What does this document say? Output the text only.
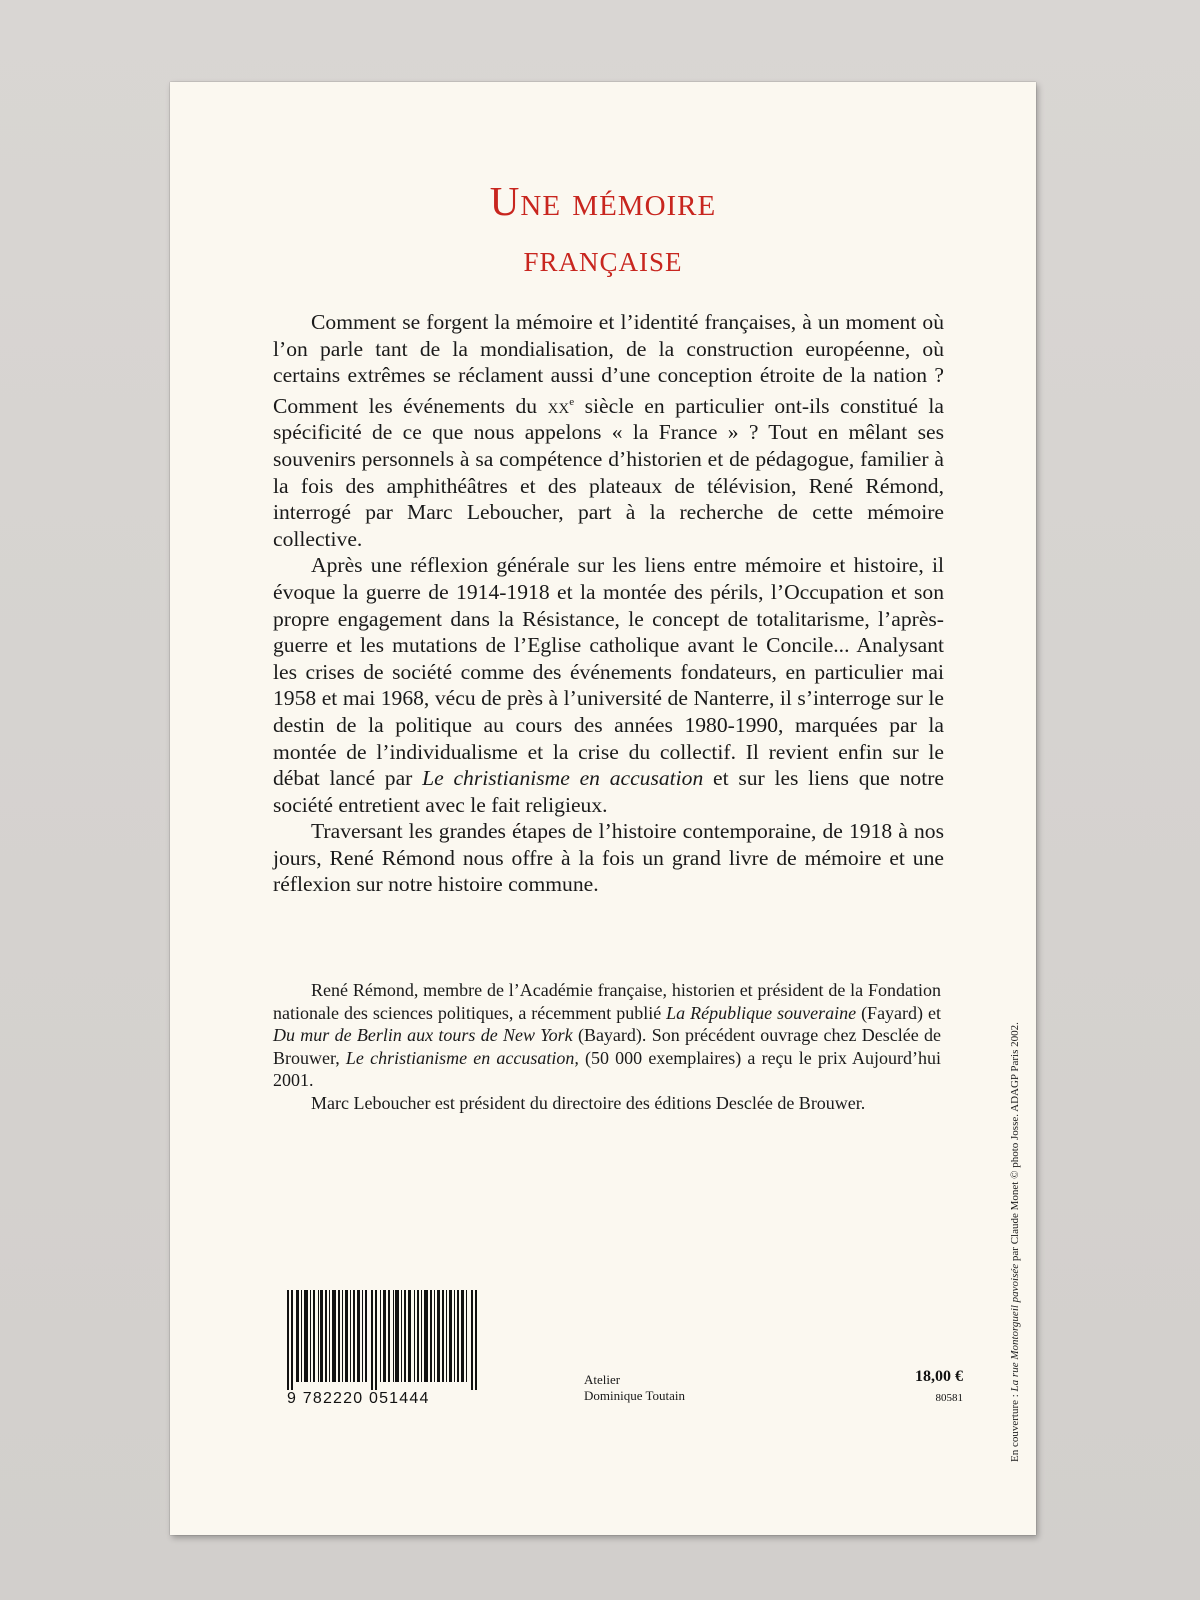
Une mémoire
française

Comment se forgent la mémoire et l’identité françaises, à un moment où l’on parle tant de la mondialisation, de la construction européenne, où certains extrêmes se réclament aussi d’une conception étroite de la nation ? Comment les événements du $xx^e$ siècle en particulier ont-ils constitué la spécificité de ce que nous appelons « la France » ? Tout en mêlant ses souvenirs personnels à sa compétence d’historien et de pédagogue, familier à la fois des amphithéâtres et des plateaux de télévision, René Rémond, interrogé par Marc Leboucher, part à la recherche de cette mémoire collective.

Après une réflexion générale sur les liens entre mémoire et histoire, il évoque la guerre de 1914-1918 et la montée des périls, l’Occupation et son propre engagement dans la Résistance, le concept de totalitarisme, l’après-guerre et les mutations de l’Eglise catholique avant le Concile... Analysant les crises de société comme des événements fondateurs, en particulier mai 1958 et mai 1968, vécu de près à l’université de Nanterre, il s’interroge sur le destin de la politique au cours des années 1980-1990, marquées par la montée de l’individualisme et la crise du collectif. Il revient enfin sur le débat lancé par Le christianisme en accusation et sur les liens que notre société entretient avec le fait religieux.

Traversant les grandes étapes de l’histoire contemporaine, de 1918 à nos jours, René Rémond nous offre à la fois un grand livre de mémoire et une réflexion sur notre histoire commune.

René Rémond, membre de l’Académie française, historien et président de la Fondation nationale des sciences politiques, a récemment publié La République souveraine (Fayard) et Du mur de Berlin aux tours de New York (Bayard). Son précédent ouvrage chez Desclée de Brouwer, Le christianisme en accusation, (50 000 exemplaires) a reçu le prix Aujourd’hui 2001.

Marc Leboucher est président du directoire des éditions Desclée de Brouwer.

En couverture : La rue Montorgueil pavoisée par Claude Monet © photo Josse. ADAGP Paris 2002.
9 782220 051444
Atelier
Dominique Toutain
18,00 €
80581
